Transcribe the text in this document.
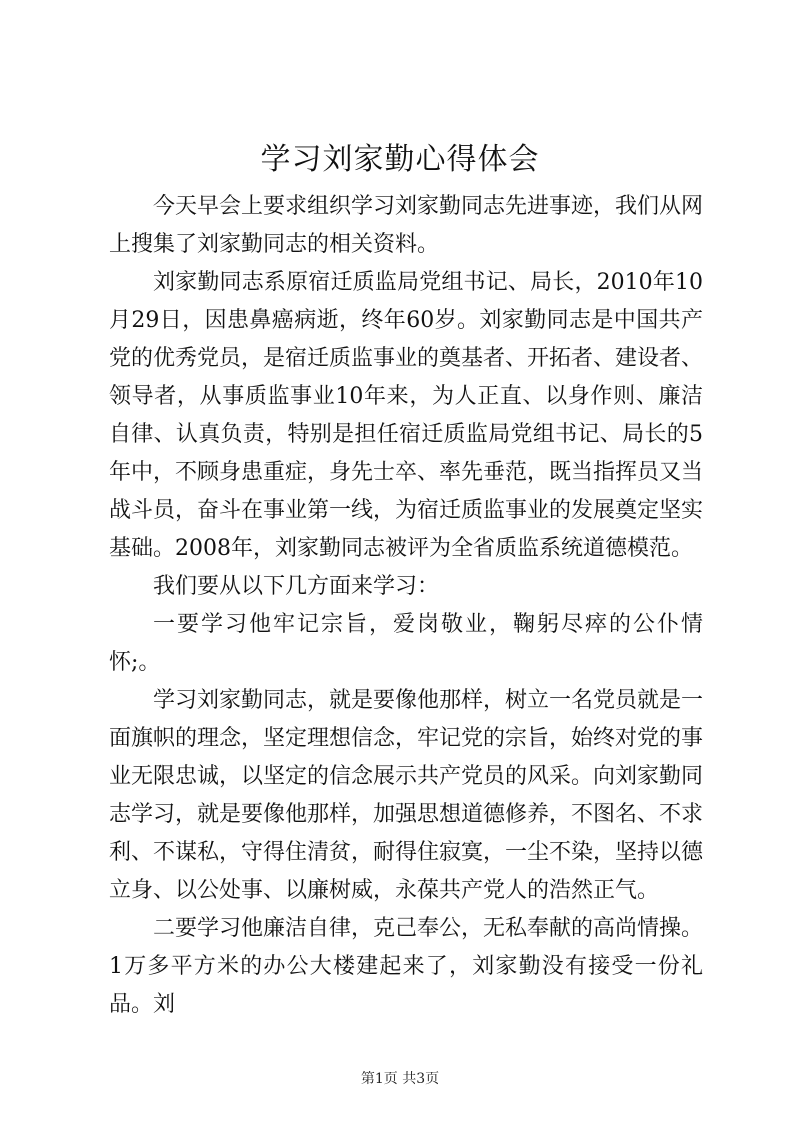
学习刘家勤心得体会

今天早会上要求组织学习刘家勤同志先进事迹，我们从网上搜集了刘家勤同志的相关资料。

刘家勤同志系原宿迁质监局党组书记、局长，2010年10月29日，因患鼻癌病逝，终年60岁。刘家勤同志是中国共产党的优秀党员，是宿迁质监事业的奠基者、开拓者、建设者、领导者，从事质监事业10年来，为人正直、以身作则、廉洁自律、认真负责，特别是担任宿迁质监局党组书记、局长的5年中，不顾身患重症，身先士卒、率先垂范，既当指挥员又当战斗员，奋斗在事业第一线，为宿迁质监事业的发展奠定坚实基础。2008年，刘家勤同志被评为全省质监系统道德模范。

我们要从以下几方面来学习：

一要学习他牢记宗旨，爱岗敬业，鞠躬尽瘁的公仆情怀;。

学习刘家勤同志，就是要像他那样，树立一名党员就是一面旗帜的理念，坚定理想信念，牢记党的宗旨，始终对党的事业无限忠诚，以坚定的信念展示共产党员的风采。向刘家勤同志学习，就是要像他那样，加强思想道德修养，不图名、不求利、不谋私，守得住清贫，耐得住寂寞，一尘不染，坚持以德立身、以公处事、以廉树威，永葆共产党人的浩然正气。

二要学习他廉洁自律，克己奉公，无私奉献的高尚情操。1万多平方米的办公大楼建起来了，刘家勤没有接受一份礼品。刘

第1页 共3页
